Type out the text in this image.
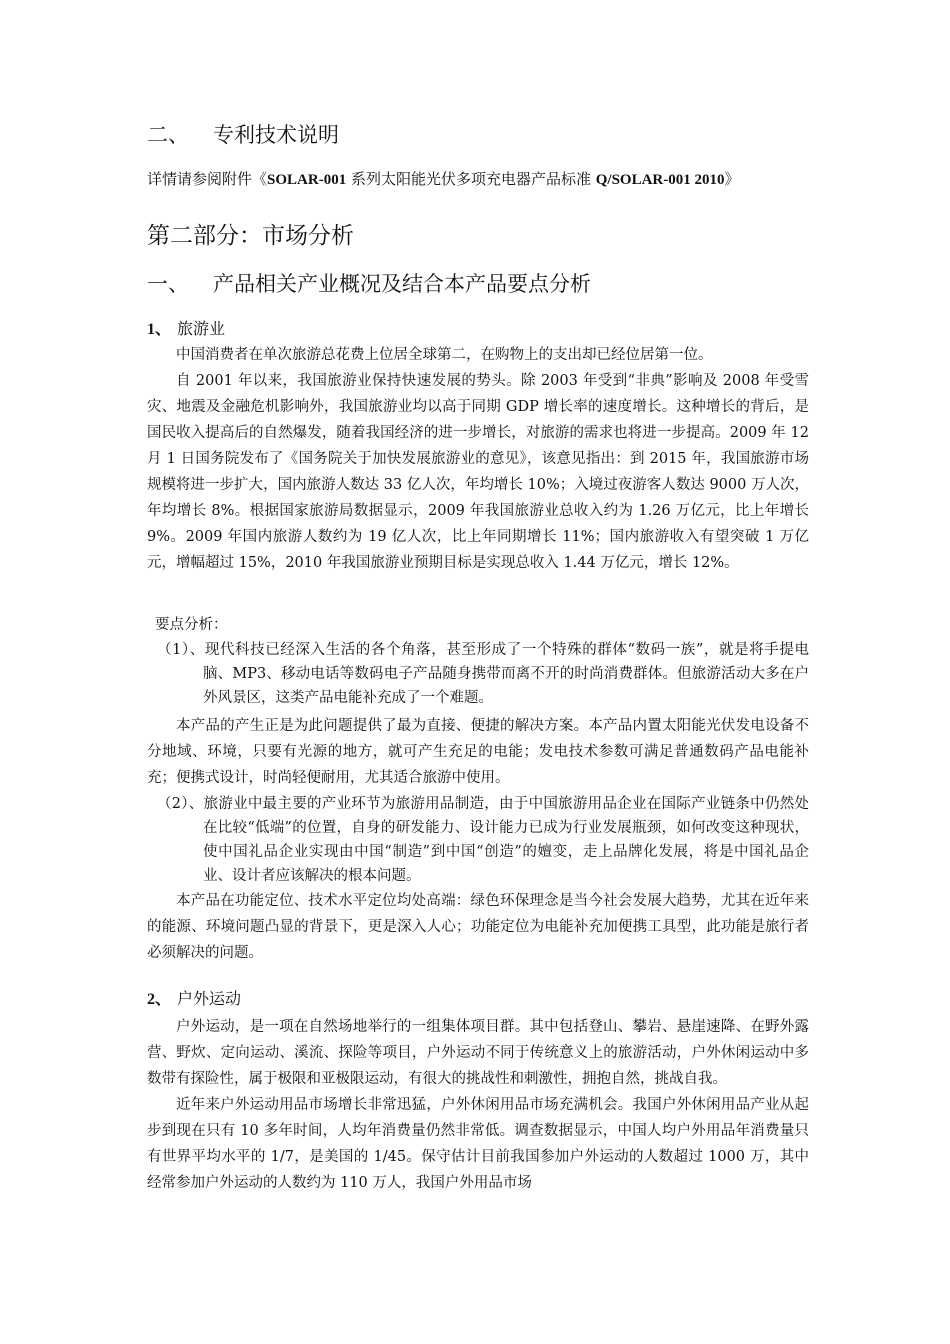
二、 专利技术说明
详情请参阅附件《SOLAR-001 系列太阳能光伏多项充电器产品标准 Q/SOLAR-001 2010》
第二部分：市场分析
一、 产品相关产业概况及结合本产品要点分析
1、 旅游业

中国消费者在单次旅游总花费上位居全球第二，在购物上的支出却已经位居第一位。

自 2001 年以来，我国旅游业保持快速发展的势头。除 2003 年受到“非典”影响及 2008 年受雪灾、地震及金融危机影响外，我国旅游业均以高于同期 GDP 增长率的速度增长。这种增长的背后，是国民收入提高后的自然爆发，随着我国经济的进一步增长，对旅游的需求也将进一步提高。2009 年 12 月 1 日国务院发布了《国务院关于加快发展旅游业的意见》，该意见指出：到 2015 年，我国旅游市场规模将进一步扩大，国内旅游人数达 33 亿人次，年均增长 10%；入境过夜游客人数达 9000 万人次，年均增长 8%。根据国家旅游局数据显示，2009 年我国旅游业总收入约为 1.26 万亿元，比上年增长 9%。2009 年国内旅游人数约为 19 亿人次，比上年同期增长 11%；国内旅游收入有望突破 1 万亿元，增幅超过 15%，2010 年我国旅游业预期目标是实现总收入 1.44 万亿元，增长 12%。

要点分析：
（1）、现代科技已经深入生活的各个角落，甚至形成了一个特殊的群体“数码一族”，就是将手提电脑、MP3、移动电话等数码电子产品随身携带而离不开的时尚消费群体。但旅游活动大多在户外风景区，这类产品电能补充成了一个难题。

本产品的产生正是为此问题提供了最为直接、便捷的解决方案。本产品内置太阳能光伏发电设备不分地域、环境，只要有光源的地方，就可产生充足的电能；发电技术参数可满足普通数码产品电能补充；便携式设计，时尚轻便耐用，尤其适合旅游中使用。

（2）、旅游业中最主要的产业环节为旅游用品制造，由于中国旅游用品企业在国际产业链条中仍然处在比较“低端”的位置，自身的研发能力、设计能力已成为行业发展瓶颈，如何改变这种现状，使中国礼品企业实现由中国“制造”到中国“创造”的嬗变，走上品牌化发展，将是中国礼品企业、设计者应该解决的根本问题。

本产品在功能定位、技术水平定位均处高端：绿色环保理念是当今社会发展大趋势，尤其在近年来的能源、环境问题凸显的背景下，更是深入人心；功能定位为电能补充加便携工具型，此功能是旅行者必须解决的问题。

2、 户外运动

户外运动，是一项在自然场地举行的一组集体项目群。其中包括登山、攀岩、悬崖速降、在野外露营、野炊、定向运动、溪流、探险等项目，户外运动不同于传统意义上的旅游活动，户外休闲运动中多数带有探险性，属于极限和亚极限运动，有很大的挑战性和刺激性，拥抱自然，挑战自我。

近年来户外运动用品市场增长非常迅猛，户外休闲用品市场充满机会。我国户外休闲用品产业从起步到现在只有 10 多年时间，人均年消费量仍然非常低。调查数据显示，中国人均户外用品年消费量只有世界平均水平的 1/7，是美国的 1/45。保守估计目前我国参加户外运动的人数超过 1000 万，其中经常参加户外运动的人数约为 110 万人，我国户外用品市场
